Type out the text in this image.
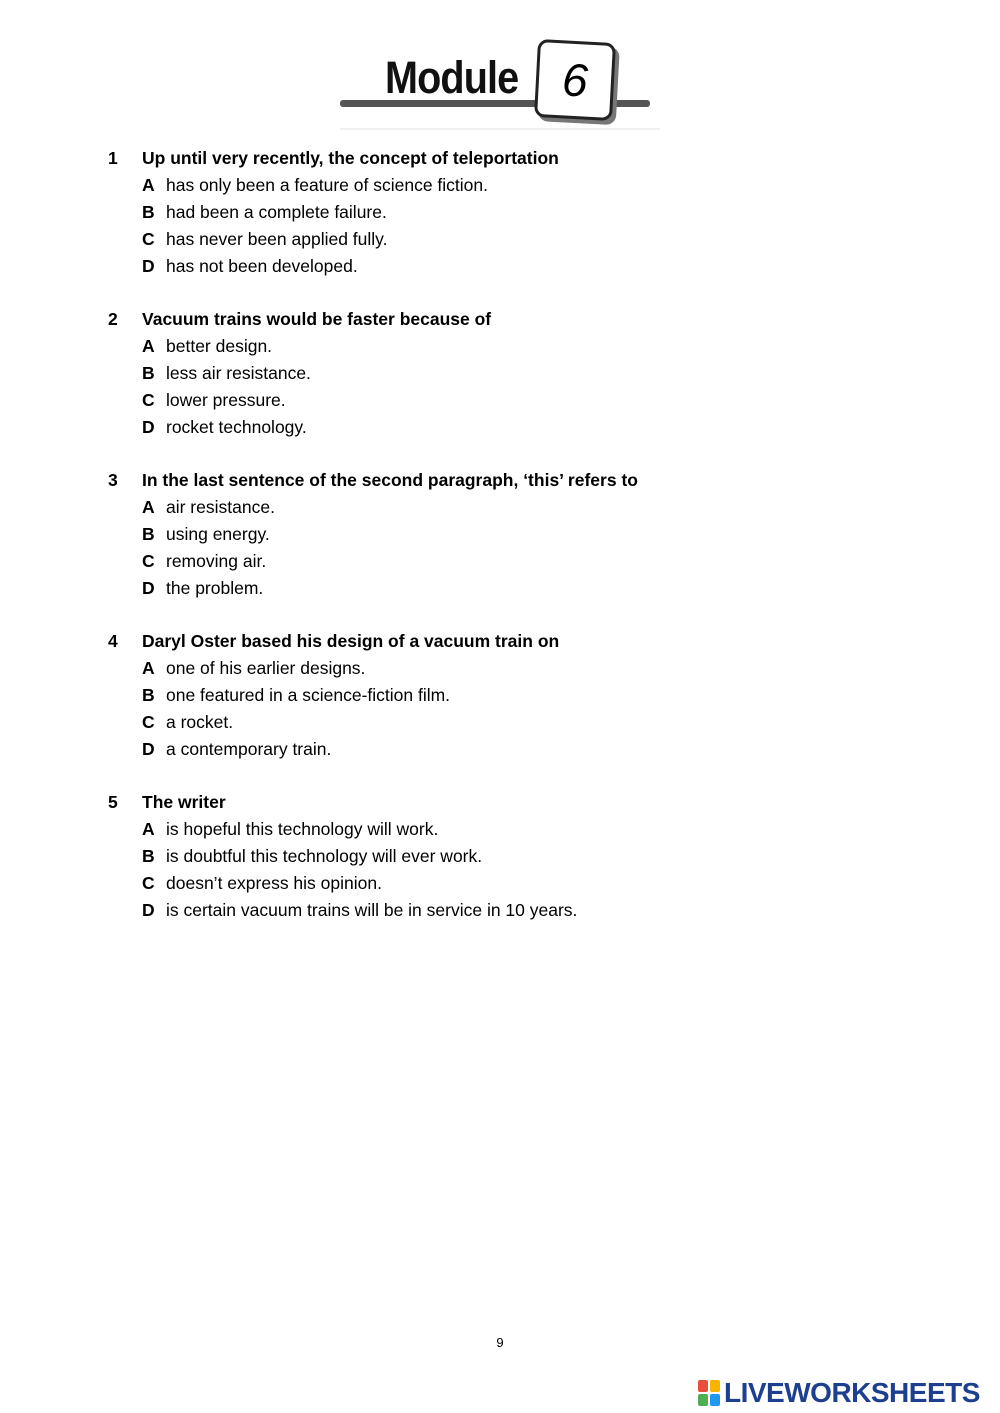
Module 6
1	Up until very recently, the concept of teleportation
A has only been a feature of science fiction.
B had been a complete failure.
C has never been applied fully.
D has not been developed.
2	Vacuum trains would be faster because of
A better design.
B less air resistance.
C lower pressure.
D rocket technology.
3	In the last sentence of the second paragraph, ‘this’ refers to
A air resistance.
B using energy.
C removing air.
D the problem.
4	Daryl Oster based his design of a vacuum train on
A one of his earlier designs.
B one featured in a science-fiction film.
C a rocket.
D a contemporary train.
5	The writer
A is hopeful this technology will work.
B is doubtful this technology will ever work.
C doesn’t express his opinion.
D is certain vacuum trains will be in service in 10 years.
9
LIVEWORKSHEETS
